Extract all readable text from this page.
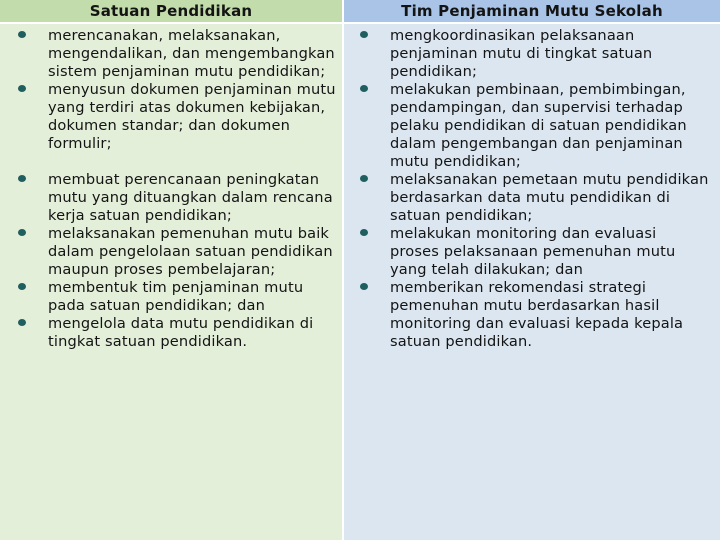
Satuan Pendidikan
merencanakan, melaksanakan, mengendalikan, dan mengembangkan sistem penjaminan mutu pendidikan;
menyusun dokumen penjaminan mutu yang terdiri atas dokumen kebijakan, dokumen standar; dan dokumen formulir;
membuat perencanaan peningkatan mutu yang dituangkan dalam rencana kerja satuan pendidikan;
melaksanakan pemenuhan mutu baik dalam pengelolaan satuan pendidikan maupun proses pembelajaran;
membentuk tim penjaminan mutu pada satuan pendidikan; dan
mengelola data mutu pendidikan di tingkat satuan pendidikan.
Tim Penjaminan Mutu Sekolah
mengkoordinasikan pelaksanaan penjaminan mutu di tingkat satuan pendidikan;
melakukan pembinaan, pembimbingan, pendampingan, dan supervisi terhadap pelaku pendidikan di satuan pendidikan dalam pengembangan dan penjaminan mutu pendidikan;
melaksanakan pemetaan mutu pendidikan berdasarkan data mutu pendidikan di satuan pendidikan;
melakukan monitoring dan evaluasi proses pelaksanaan pemenuhan mutu yang telah dilakukan; dan
memberikan rekomendasi strategi pemenuhan mutu berdasarkan hasil monitoring dan evaluasi kepada kepala satuan pendidikan.
